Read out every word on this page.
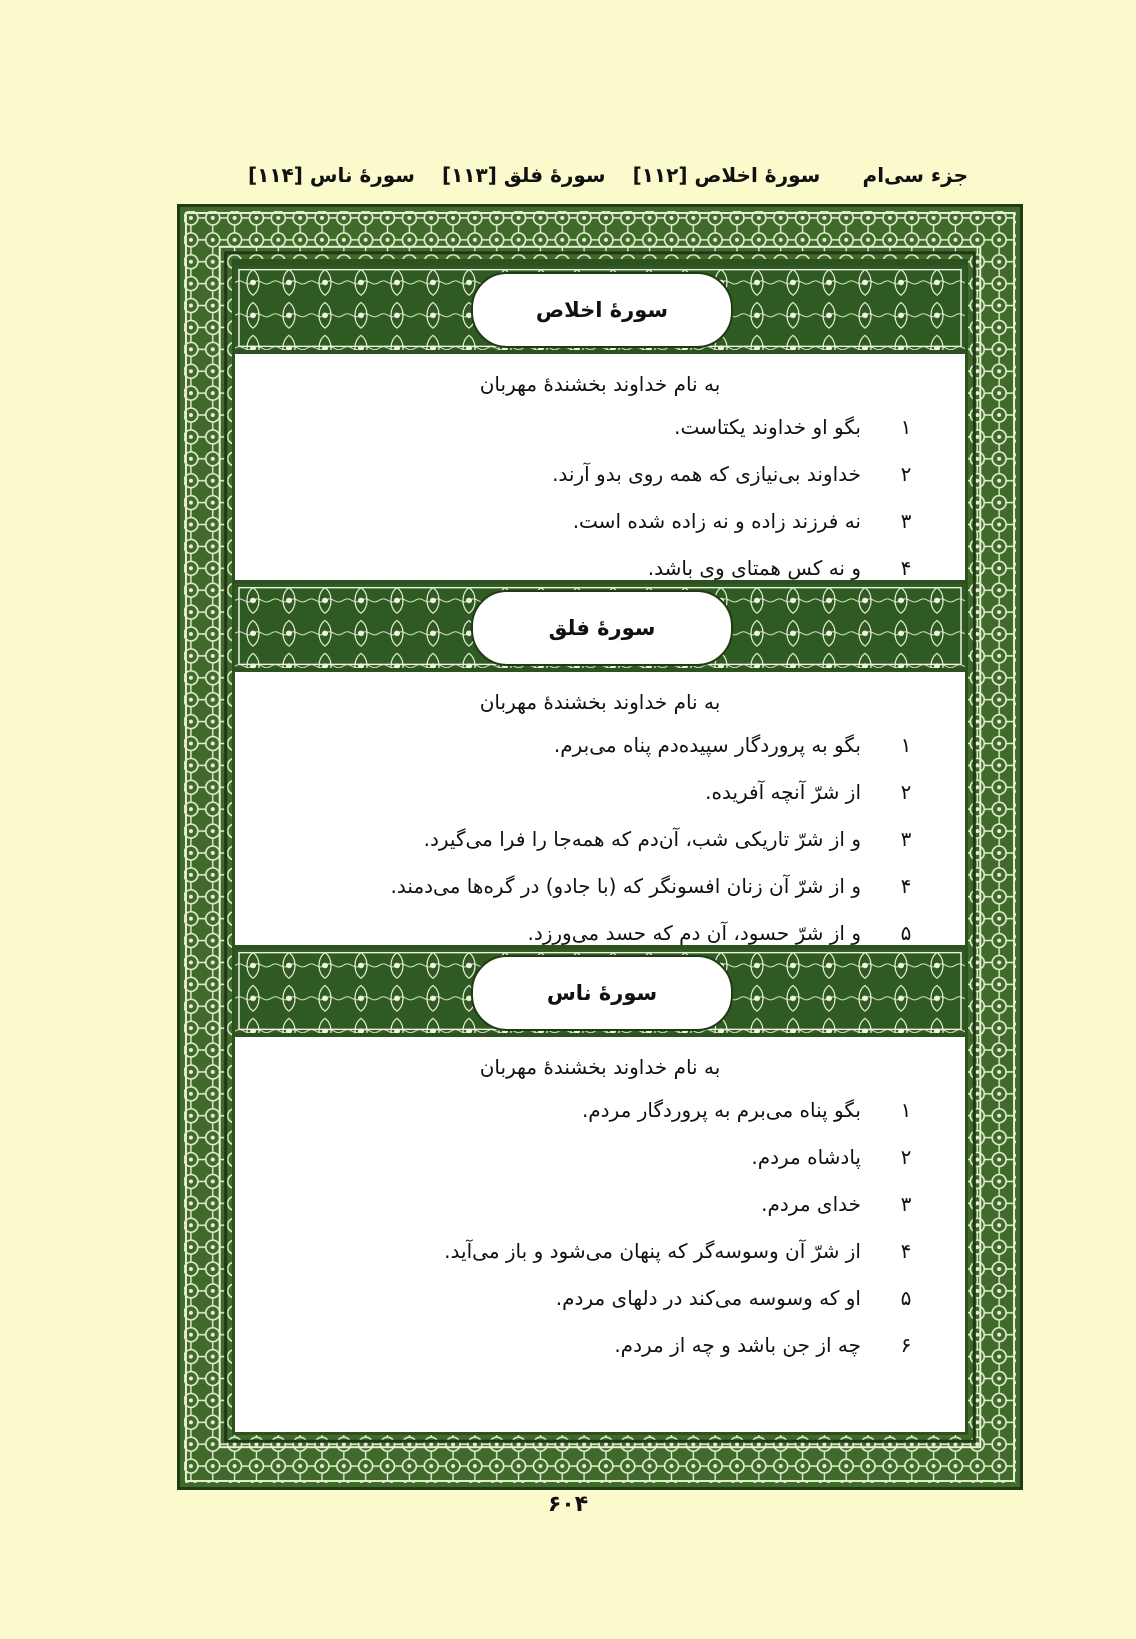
جزء سی‌ام
سورهٔ اخلاص [۱۱۲] سورهٔ فلق [۱۱۳] سورهٔ ناس [۱۱۴]
سورهٔ اخلاص
به نام خداوند بخشندهٔ مهربان
۱
بگو او خداوند یکتاست.
۲
خداوند بی‌نیازی که همه روی بدو آرند.
۳
نه فرزند زاده و نه زاده شده است.
۴
و نه کس همتای وی باشد.
سورهٔ فلق
به نام خداوند بخشندهٔ مهربان
۱
بگو به پروردگار سپیده‌دم پناه می‌برم.
۲
از شرّ آنچه آفریده.
۳
و از شرّ تاریکی شب، آن‌دم که همه‌جا را فرا می‌گیرد.
۴
و از شرّ آن زنان افسونگر که (با جادو) در گره‌ها می‌دمند.
۵
و از شرّ حسود، آن دم که حسد می‌ورزد.
سورهٔ ناس
به نام خداوند بخشندهٔ مهربان
۱
بگو پناه می‌برم به پروردگار مردم.
۲
پادشاه مردم.
۳
خدای مردم.
۴
از شرّ آن وسوسه‌گر که پنهان می‌شود و باز می‌آید.
۵
او که وسوسه می‌کند در دلهای مردم.
۶
چه از جن باشد و چه از مردم.
۶۰۴
